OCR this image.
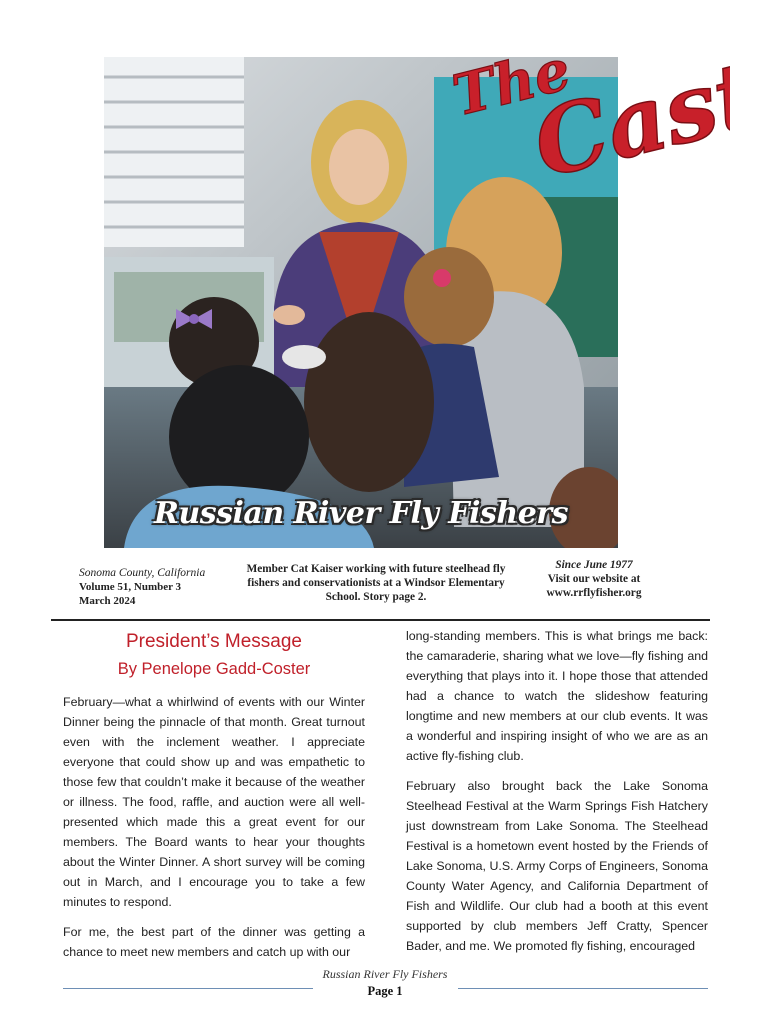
The
Cast
Russian River Fly Fishers
Sonoma County, California
Volume 51, Number 3
March 2024
Member Cat Kaiser working with future steelhead fly fishers and conservationists at a Windsor Elementary School. Story page 2.
Since June 1977
Visit our website at
www.rrflyfisher.org
President’s Message
By Penelope Gadd-Coster

February—what a whirlwind of events with our Winter Dinner being the pinnacle of that month. Great turnout even with the inclement weather. I appreciate everyone that could show up and was empathetic to those few that couldn’t make it because of the weather or illness. The food, raffle, and auction were all well-presented which made this a great event for our members. The Board wants to hear your thoughts about the Winter Dinner. A short survey will be coming out in March, and I encourage you to take a few minutes to respond.

For me, the best part of the dinner was getting a chance to meet new members and catch up with our

long-standing members. This is what brings me back: the camaraderie, sharing what we love—fly fishing and everything that plays into it. I hope those that attended had a chance to watch the slideshow featuring longtime and new members at our club events. It was a wonderful and inspiring insight of who we are as an active fly-fishing club.

February also brought back the Lake Sonoma Steelhead Festival at the Warm Springs Fish Hatchery just downstream from Lake Sonoma. The Steelhead Festival is a hometown event hosted by the Friends of Lake Sonoma, U.S. Army Corps of Engineers, Sonoma County Water Agency, and California Department of Fish and Wildlife. Our club had a booth at this event supported by club members Jeff Cratty, Spencer Bader, and me. We promoted fly fishing, encouraged

Russian River Fly Fishers
Page 1
